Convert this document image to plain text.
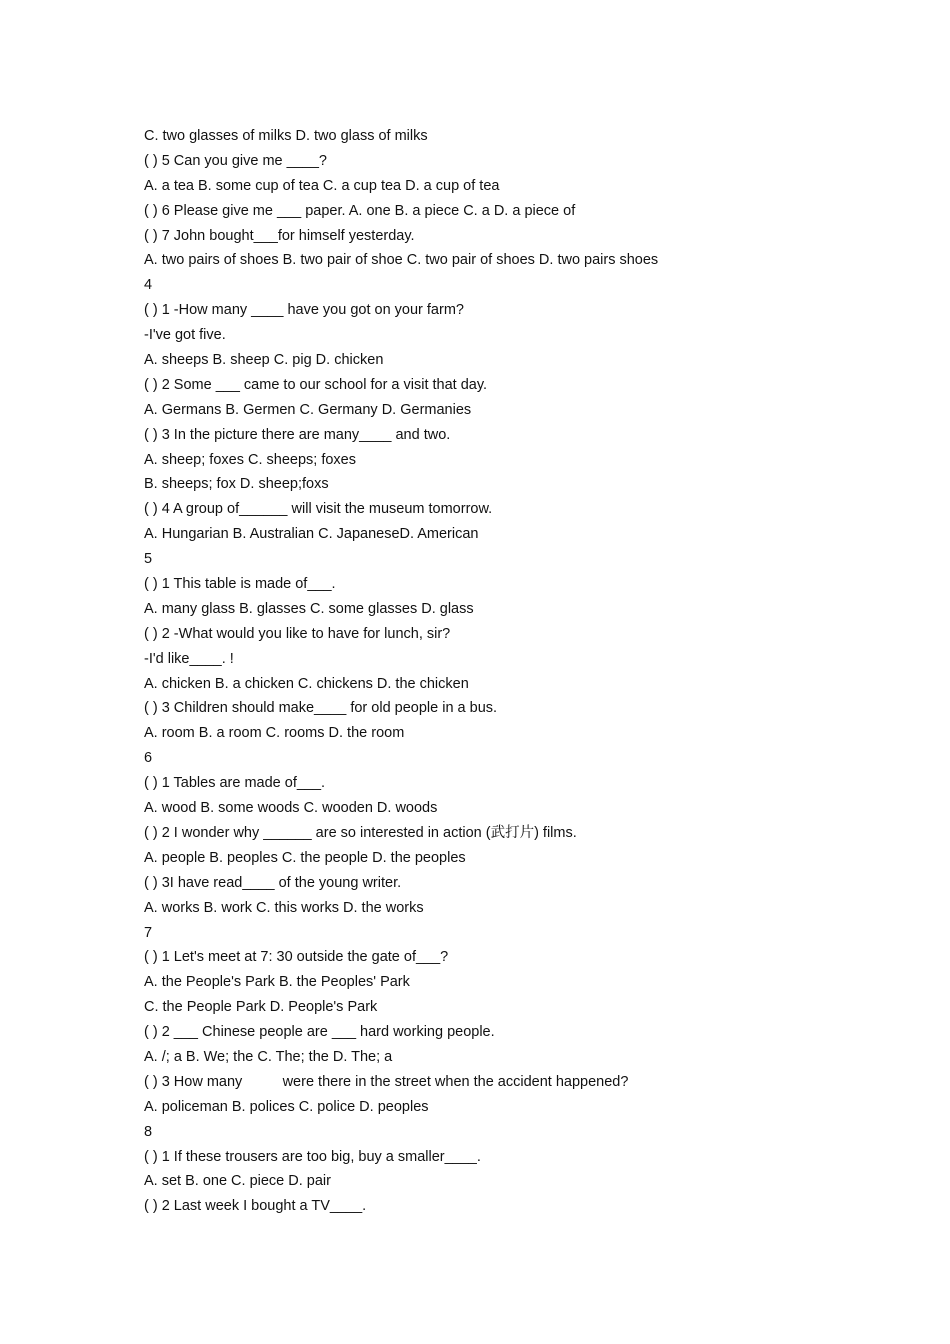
C. two glasses of milks D. two glass of milks
( ) 5 Can you give me ____?
A. a tea B. some cup of tea C. a cup tea D. a cup of tea
( ) 6 Please give me ___ paper. A. one B. a piece C. a D. a piece of
( ) 7 John bought___for himself yesterday.
A. two pairs of shoes B. two pair of shoe C. two pair of shoes D. two pairs shoes
4
( ) 1 -How many ____ have you got on your farm?
-I've got five.
A. sheeps B. sheep C. pig D. chicken
( ) 2 Some ___ came to our school for a visit that day.
A. Germans B. Germen C. Germany D. Germanies
( ) 3 In the picture there are many____ and two.
A. sheep; foxes C. sheeps; foxes
B. sheeps; fox D. sheep;foxs
( ) 4 A group of______ will visit the museum tomorrow.
A. Hungarian B. Australian C. JapaneseD. American
5
( ) 1 This table is made of___.
A. many glass B. glasses C. some glasses D. glass
( ) 2 -What would you like to have for lunch, sir?
-I'd like____. !
A. chicken B. a chicken C. chickens D. the chicken
( ) 3 Children should make____ for old people in a bus.
A. room B. a room C. rooms D. the room
6
( ) 1 Tables are made of___.
A. wood B. some woods C. wooden D. woods
( ) 2 I wonder why ______ are so interested in action (武打片) films.
A. people B. peoples C. the people D. the peoples
( ) 3I have read____ of the young writer.
A. works B. work C. this works D. the works
7
( ) 1 Let's meet at 7: 30 outside the gate of___?
A. the People's Park B. the Peoples' Park
C. the People Park D. People's Park
( ) 2 ___ Chinese people are ___ hard working people.
A. /; a B. We; the C. The; the D. The; a
( ) 3 How many          were there in the street when the accident happened?
A. policeman B. polices C. police D. peoples
8
( ) 1 If these trousers are too big, buy a smaller____.
A. set B. one C. piece D. pair
( ) 2 Last week I bought a TV____.
